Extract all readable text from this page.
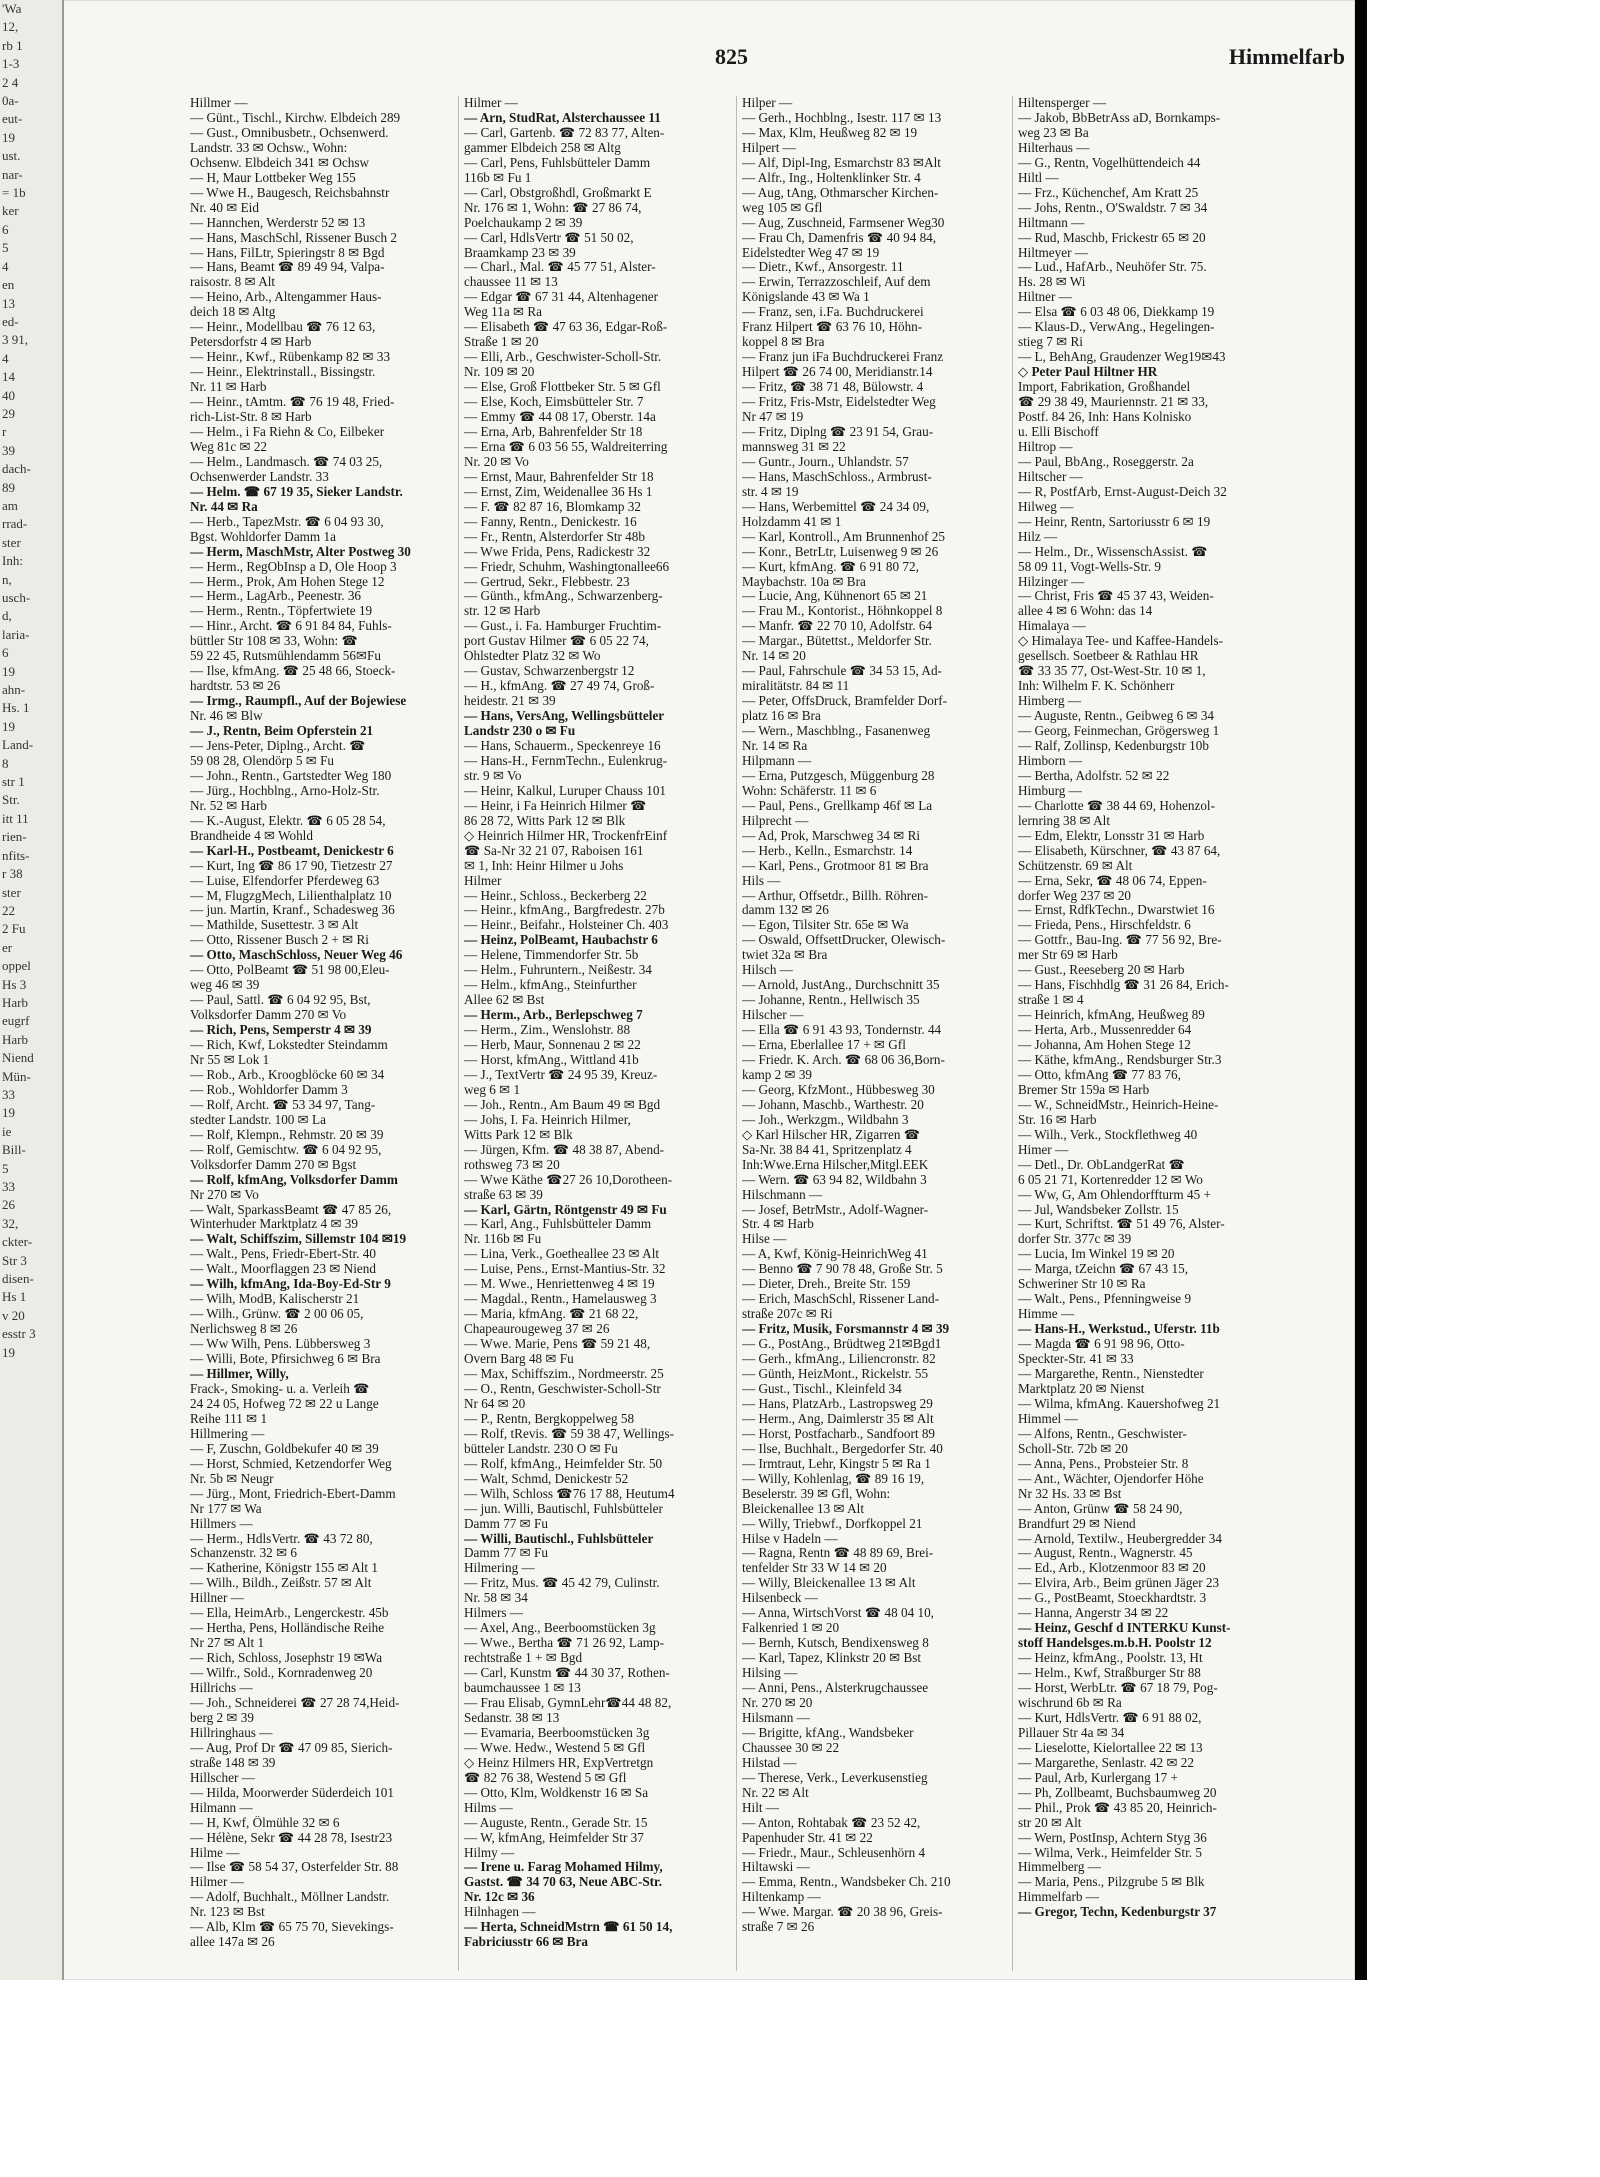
'Wa
12,
rb 1
1-3
2 4
0a-
eut-
19
ust.
nar-
= 1b
ker
6
5
4
en
13
ed-
3 91,
4
14
40
29
r
39
dach-
89
am
rrad-
ster
Inh:
n,
usch-
d,
laria-
6
19
ahn-
Hs. 1
19
Land-
8
str 1
Str.
itt 11
rien-
nfits-
r 38
ster
22
2 Fu
er
oppel
Hs 3
Harb
eugrf
Harb
Niend
Mün-
33
19
ie
Bill-
5
33
26
32,
ckter-
Str 3
disen-
Hs 1
v 20
esstr 3
19
825	Himmelfarb
Hillmer —
— Günt., Tischl., Kirchw. Elbdeich 289
— Gust., Omnibusbetr., Ochsenwerd.
Landstr. 33 ✉ Ochsw., Wohn:
Ochsenw. Elbdeich 341 ✉ Ochsw
— H, Maur Lottbeker Weg 155
— Wwe H., Baugesch, Reichsbahnstr
Nr. 40 ✉ Eid
— Hannchen, Werderstr 52 ✉ 13
— Hans, MaschSchl, Rissener Busch 2
— Hans, FilLtr, Spieringstr 8 ✉ Bgd
— Hans, Beamt ☎ 89 49 94, Valpa-
raisostr. 8 ✉ Alt
— Heino, Arb., Altengammer Haus-
deich 18 ✉ Altg
— Heinr., Modellbau ☎ 76 12 63,
Petersdorfstr 4 ✉ Harb
— Heinr., Kwf., Rübenkamp 82 ✉ 33
— Heinr., Elektrinstall., Bissingstr.
Nr. 11 ✉ Harb
— Heinr., tAmtm. ☎ 76 19 48, Fried-
rich-List-Str. 8 ✉ Harb
— Helm., i Fa Riehn & Co, Eilbeker
Weg 81c ✉ 22
— Helm., Landmasch. ☎ 74 03 25,
Ochsenwerder Landstr. 33
— Helm. ☎ 67 19 35, Sieker Landstr.
Nr. 44 ✉ Ra
— Herb., TapezMstr. ☎ 6 04 93 30,
Bgst. Wohldorfer Damm 1a
— Herm, MaschMstr, Alter Postweg 30
— Herm., RegObInsp a D, Ole Hoop 3
— Herm., Prok, Am Hohen Stege 12
— Herm., LagArb., Peenestr. 36
— Herm., Rentn., Töpfertwiete 19
— Hinr., Archt. ☎ 6 91 84 84, Fuhls-
büttler Str 108 ✉ 33, Wohn: ☎
59 22 45, Rutsmühlendamm 56✉Fu
— Ilse, kfmAng. ☎ 25 48 66, Stoeck-
hardtstr. 53 ✉ 26
— Irmg., Raumpfl., Auf der Bojewiese
Nr. 46 ✉ Blw
— J., Rentn, Beim Opferstein 21
— Jens-Peter, Diplng., Archt. ☎
59 08 28, Olendörp 5 ✉ Fu
— John., Rentn., Gartstedter Weg 180
— Jürg., Hochblng., Arno-Holz-Str.
Nr. 52 ✉ Harb
— K.-August, Elektr. ☎ 6 05 28 54,
Brandheide 4 ✉ Wohld
— Karl-H., Postbeamt, Denickestr 6
— Kurt, Ing ☎ 86 17 90, Tietzestr 27
— Luise, Elfendorfer Pferdeweg 63
— M, FlugzgMech, Lilienthalplatz 10
— jun. Martin, Kranf., Schadesweg 36
— Mathilde, Susettestr. 3 ✉ Alt
— Otto, Rissener Busch 2 + ✉ Ri
— Otto, MaschSchloss, Neuer Weg 46
— Otto, PolBeamt ☎ 51 98 00,Eleu-
weg 46 ✉ 39
— Paul, Sattl. ☎ 6 04 92 95, Bst,
Volksdorfer Damm 270 ✉ Vo
— Rich, Pens, Semperstr 4 ✉ 39
— Rich, Kwf, Lokstedter Steindamm
Nr 55 ✉ Lok 1
— Rob., Arb., Kroogblöcke 60 ✉ 34
— Rob., Wohldorfer Damm 3
— Rolf, Archt. ☎ 53 34 97, Tang-
stedter Landstr. 100 ✉ La
— Rolf, Klempn., Rehmstr. 20 ✉ 39
— Rolf, Gemischtw. ☎ 6 04 92 95,
Volksdorfer Damm 270 ✉ Bgst
— Rolf, kfmAng, Volksdorfer Damm
Nr 270 ✉ Vo
— Walt, SparkassBeamt ☎ 47 85 26,
Winterhuder Marktplatz 4 ✉ 39
— Walt, Schiffszim, Sillemstr 104 ✉19
— Walt., Pens, Friedr-Ebert-Str. 40
— Walt., Moorflaggen 23 ✉ Niend
— Wilh, kfmAng, Ida-Boy-Ed-Str 9
— Wilh, ModB, Kalischerstr 21
— Wilh., Grünw. ☎ 2 00 06 05,
Nerlichsweg 8 ✉ 26
— Ww Wilh, Pens. Lübbersweg 3
— Willi, Bote, Pfirsichweg 6 ✉ Bra
— Hillmer, Willy,
Frack-, Smoking- u. a. Verleih ☎
24 24 05, Hofweg 72 ✉ 22 u Lange
Reihe 111 ✉ 1
Hillmering —
— F, Zuschn, Goldbekufer 40 ✉ 39
— Horst, Schmied, Ketzendorfer Weg
Nr. 5b ✉ Neugr
— Jürg., Mont, Friedrich-Ebert-Damm
Nr 177 ✉ Wa
Hillmers —
— Herm., HdlsVertr. ☎ 43 72 80,
Schanzenstr. 32 ✉ 6
— Katherine, Königstr 155 ✉ Alt 1
— Wilh., Bildh., Zeißstr. 57 ✉ Alt
Hillner —
— Ella, HeimArb., Lengerckestr. 45b
— Hertha, Pens, Holländische Reihe
Nr 27 ✉ Alt 1
— Rich, Schloss, Josephstr 19 ✉Wa
— Wilfr., Sold., Kornradenweg 20
Hillrichs —
— Joh., Schneiderei ☎ 27 28 74,Heid-
berg 2 ✉ 39
Hillringhaus —
— Aug, Prof Dr ☎ 47 09 85, Sierich-
straße 148 ✉ 39
Hillscher —
— Hilda, Moorwerder Süderdeich 101
Hilmann —
— H, Kwf, Ölmühle 32 ✉ 6
— Hélène, Sekr ☎ 44 28 78, Isestr23
Hilme —
— Ilse ☎ 58 54 37, Osterfelder Str. 88
Hilmer —
— Adolf, Buchhalt., Möllner Landstr.
Nr. 123 ✉ Bst
— Alb, Klm ☎ 65 75 70, Sievekings-
allee 147a ✉ 26
Hilmer —
— Arn, StudRat, Alsterchaussee 11
— Carl, Gartenb. ☎ 72 83 77, Alten-
gammer Elbdeich 258 ✉ Altg
— Carl, Pens, Fuhlsbütteler Damm
116b ✉ Fu 1
— Carl, Obstgroßhdl, Großmarkt E
Nr. 176 ✉ 1, Wohn: ☎ 27 86 74,
Poelchaukamp 2 ✉ 39
— Carl, HdlsVertr ☎ 51 50 02,
Braamkamp 23 ✉ 39
— Charl., Mal. ☎ 45 77 51, Alster-
chaussee 11 ✉ 13
— Edgar ☎ 67 31 44, Altenhagener
Weg 11a ✉ Ra
— Elisabeth ☎ 47 63 36, Edgar-Roß-
Straße 1 ✉ 20
— Elli, Arb., Geschwister-Scholl-Str.
Nr. 109 ✉ 20
— Else, Groß Flottbeker Str. 5 ✉ Gfl
— Else, Koch, Eimsbütteler Str. 7
— Emmy ☎ 44 08 17, Oberstr. 14a
— Erna, Arb, Bahrenfelder Str 18
— Erna ☎ 6 03 56 55, Waldreiterring
Nr. 20 ✉ Vo
— Ernst, Maur, Bahrenfelder Str 18
— Ernst, Zim, Weidenallee 36 Hs 1
— F. ☎ 82 87 16, Blomkamp 32
— Fanny, Rentn., Denickestr. 16
— Fr., Rentn, Alsterdorfer Str 48b
— Wwe Frida, Pens, Radickestr 32
— Friedr, Schuhm, Washingtonallee66
— Gertrud, Sekr., Flebbestr. 23
— Günth., kfmAng., Schwarzenberg-
str. 12 ✉ Harb
— Gust., i. Fa. Hamburger Fruchtim-
port Gustav Hilmer ☎ 6 05 22 74,
Ohlstedter Platz 32 ✉ Wo
— Gustav, Schwarzenbergstr 12
— H., kfmAng. ☎ 27 49 74, Groß-
heidestr. 21 ✉ 39
— Hans, VersAng, Wellingsbütteler
Landstr 230 o ✉ Fu
— Hans, Schauerm., Speckenreye 16
— Hans-H., FernmTechn., Eulenkrug-
str. 9 ✉ Vo
— Heinr, Kalkul, Luruper Chauss 101
— Heinr, i Fa Heinrich Hilmer ☎
86 28 72, Witts Park 12 ✉ Blk
◇ Heinrich Hilmer HR, TrockenfrEinf
☎ Sa-Nr 32 21 07, Raboisen 161
✉ 1, Inh: Heinr Hilmer u Johs
Hilmer
— Heinr., Schloss., Beckerberg 22
— Heinr., kfmAng., Bargfredestr. 27b
— Heinr., Beifahr., Holsteiner Ch. 403
— Heinz, PolBeamt, Haubachstr 6
— Helene, Timmendorfer Str. 5b
— Helm., Fuhruntern., Neißestr. 34
— Helm., kfmAng., Steinfurther
Allee 62 ✉ Bst
— Herm., Arb., Berlepschweg 7
— Herm., Zim., Wenslohstr. 88
— Herb, Maur, Sonnenau 2 ✉ 22
— Horst, kfmAng., Wittland 41b
— J., TextVertr ☎ 24 95 39, Kreuz-
weg 6 ✉ 1
— Joh., Rentn., Am Baum 49 ✉ Bgd
— Johs, I. Fa. Heinrich Hilmer,
Witts Park 12 ✉ Blk
— Jürgen, Kfm. ☎ 48 38 87, Abend-
rothsweg 73 ✉ 20
— Wwe Käthe ☎27 26 10,Dorotheen-
straße 63 ✉ 39
— Karl, Gärtn, Röntgenstr 49 ✉ Fu
— Karl, Ang., Fuhlsbütteler Damm
Nr. 116b ✉ Fu
— Lina, Verk., Goetheallee 23 ✉ Alt
— Luise, Pens., Ernst-Mantius-Str. 32
— M. Wwe., Henriettenweg 4 ✉ 19
— Magdal., Rentn., Hamelausweg 3
— Maria, kfmAng. ☎ 21 68 22,
Chapeaurougeweg 37 ✉ 26
— Wwe. Marie, Pens ☎ 59 21 48,
Overn Barg 48 ✉ Fu
— Max, Schiffszim., Nordmeerstr. 25
— O., Rentn, Geschwister-Scholl-Str
Nr 64 ✉ 20
— P., Rentn, Bergkoppelweg 58
— Rolf, tRevis. ☎ 59 38 47, Wellings-
bütteler Landstr. 230 O ✉ Fu
— Rolf, kfmAng., Heimfelder Str. 50
— Walt, Schmd, Denickestr 52
— Wilh, Schloss ☎76 17 88, Heutum4
— jun. Willi, Bautischl, Fuhlsbütteler
Damm 77 ✉ Fu
— Willi, Bautischl., Fuhlsbütteler
Damm 77 ✉ Fu
Hilmering —
— Fritz, Mus. ☎ 45 42 79, Culinstr.
Nr. 58 ✉ 34
Hilmers —
— Axel, Ang., Beerboomstücken 3g
— Wwe., Bertha ☎ 71 26 92, Lamp-
rechtstraße 1 + ✉ Bgd
— Carl, Kunstm ☎ 44 30 37, Rothen-
baumchaussee 1 ✉ 13
— Frau Elisab, GymnLehr☎44 48 82,
Sedanstr. 38 ✉ 13
— Evamaria, Beerboomstücken 3g
— Wwe. Hedw., Westend 5 ✉ Gfl
◇ Heinz Hilmers HR, ExpVertretgn
☎ 82 76 38, Westend 5 ✉ Gfl
— Otto, Klm, Woldkenstr 16 ✉ Sa
Hilms —
— Auguste, Rentn., Gerade Str. 15
— W, kfmAng, Heimfelder Str 37
Hilmy —
— Irene u. Farag Mohamed Hilmy,
Gastst. ☎ 34 70 63, Neue ABC-Str.
Nr. 12c ✉ 36
Hilnhagen —
— Herta, SchneidMstrn ☎ 61 50 14,
Fabriciusstr 66 ✉ Bra
Hilper —
— Gerh., Hochblng., Isestr. 117 ✉ 13
— Max, Klm, Heußweg 82 ✉ 19
Hilpert —
— Alf, Dipl-Ing, Esmarchstr 83 ✉Alt
— Alfr., Ing., Holtenklinker Str. 4
— Aug, tAng, Othmarscher Kirchen-
weg 105 ✉ Gfl
— Aug, Zuschneid, Farmsener Weg30
— Frau Ch, Damenfris ☎ 40 94 84,
Eidelstedter Weg 47 ✉ 19
— Dietr., Kwf., Ansorgestr. 11
— Erwin, Terrazzoschleif, Auf dem
Königslande 43 ✉ Wa 1
— Franz, sen, i.Fa. Buchdruckerei
Franz Hilpert ☎ 63 76 10, Höhn-
koppel 8 ✉ Bra
— Franz jun iFa Buchdruckerei Franz
Hilpert ☎ 26 74 00, Meridianstr.14
— Fritz, ☎ 38 71 48, Bülowstr. 4
— Fritz, Fris-Mstr, Eidelstedter Weg
Nr 47 ✉ 19
— Fritz, Diplng ☎ 23 91 54, Grau-
mannsweg 31 ✉ 22
— Guntr., Journ., Uhlandstr. 57
— Hans, MaschSchloss., Armbrust-
str. 4 ✉ 19
— Hans, Werbemittel ☎ 24 34 09,
Holzdamm 41 ✉ 1
— Karl, Kontroll., Am Brunnenhof 25
— Konr., BetrLtr, Luisenweg 9 ✉ 26
— Kurt, kfmAng. ☎ 6 91 80 72,
Maybachstr. 10a ✉ Bra
— Lucie, Ang, Kühnenort 65 ✉ 21
— Frau M., Kontorist., Höhnkoppel 8
— Manfr. ☎ 22 70 10, Adolfstr. 64
— Margar., Bütettst., Meldorfer Str.
Nr. 14 ✉ 20
— Paul, Fahrschule ☎ 34 53 15, Ad-
miralitätstr. 84 ✉ 11
— Peter, OffsDruck, Bramfelder Dorf-
platz 16 ✉ Bra
— Wern., Maschblng., Fasanenweg
Nr. 14 ✉ Ra
Hilpmann —
— Erna, Putzgesch, Müggenburg 28
Wohn: Schäferstr. 11 ✉ 6
— Paul, Pens., Grellkamp 46f ✉ La
Hilprecht —
— Ad, Prok, Marschweg 34 ✉ Ri
— Herb., Kelln., Esmarchstr. 14
— Karl, Pens., Grotmoor 81 ✉ Bra
Hils —
— Arthur, Offsetdr., Billh. Röhren-
damm 132 ✉ 26
— Egon, Tilsiter Str. 65e ✉ Wa
— Oswald, OffsettDrucker, Olewisch-
twiet 32a ✉ Bra
Hilsch —
— Arnold, JustAng., Durchschnitt 35
— Johanne, Rentn., Hellwisch 35
Hilscher —
— Ella ☎ 6 91 43 93, Tondernstr. 44
— Erna, Eberlallee 17 + ✉ Gfl
— Friedr. K. Arch. ☎ 68 06 36,Born-
kamp 2 ✉ 39
— Georg, KfzMont., Hübbesweg 30
— Johann, Maschb., Warthestr. 20
— Joh., Werkzgm., Wildbahn 3
◇ Karl Hilscher HR, Zigarren ☎
Sa-Nr. 38 84 41, Spritzenplatz 4
Inh:Wwe.Erna Hilscher,Mitgl.EEK
— Wern. ☎ 63 94 82, Wildbahn 3
Hilschmann —
— Josef, BetrMstr., Adolf-Wagner-
Str. 4 ✉ Harb
Hilse —
— A, Kwf, König-HeinrichWeg 41
— Benno ☎ 7 90 78 48, Große Str. 5
— Dieter, Dreh., Breite Str. 159
— Erich, MaschSchl, Rissener Land-
straße 207c ✉ Ri
— Fritz, Musik, Forsmannstr 4 ✉ 39
— G., PostAng., Brüdtweg 21✉Bgd1
— Gerh., kfmAng., Liliencronstr. 82
— Günth, HeizMont., Rickelstr. 55
— Gust., Tischl., Kleinfeld 34
— Hans, PlatzArb., Lastropsweg 29
— Herm., Ang, Daimlerstr 35 ✉ Alt
— Horst, Postfacharb., Sandfoort 89
— Ilse, Buchhalt., Bergedorfer Str. 40
— Irmtraut, Lehr, Kingstr 5 ✉ Ra 1
— Willy, Kohlenlag, ☎ 89 16 19,
Beselerstr. 39 ✉ Gfl, Wohn:
Bleickenallee 13 ✉ Alt
— Willy, Triebwf., Dorfkoppel 21
Hilse v Hadeln —
— Ragna, Rentn ☎ 48 89 69, Brei-
tenfelder Str 33 W 14 ✉ 20
— Willy, Bleickenallee 13 ✉ Alt
Hilsenbeck —
— Anna, WirtschVorst ☎ 48 04 10,
Falkenried 1 ✉ 20
— Bernh, Kutsch, Bendixensweg 8
— Karl, Tapez, Klinkstr 20 ✉ Bst
Hilsing —
— Anni, Pens., Alsterkrugchaussee
Nr. 270 ✉ 20
Hilsmann —
— Brigitte, kfAng., Wandsbeker
Chaussee 30 ✉ 22
Hilstad —
— Therese, Verk., Leverkusenstieg
Nr. 22 ✉ Alt
Hilt —
— Anton, Rohtabak ☎ 23 52 42,
Papenhuder Str. 41 ✉ 22
— Friedr., Maur., Schleusenhörn 4
Hiltawski —
— Emma, Rentn., Wandsbeker Ch. 210
Hiltenkamp —
— Wwe. Margar. ☎ 20 38 96, Greis-
straße 7 ✉ 26
Hiltensperger —
— Jakob, BbBetrAss aD, Bornkamps-
weg 23 ✉ Ba
Hilterhaus —
— G., Rentn, Vogelhüttendeich 44
Hiltl —
— Frz., Küchenchef, Am Kratt 25
— Johs, Rentn., O'Swaldstr. 7 ✉ 34
Hiltmann —
— Rud, Maschb, Frickestr 65 ✉ 20
Hiltmeyer —
— Lud., HafArb., Neuhöfer Str. 75.
Hs. 28 ✉ Wi
Hiltner —
— Elsa ☎ 6 03 48 06, Diekkamp 19
— Klaus-D., VerwAng., Hegelingen-
stieg 7 ✉ Ri
— L, BehAng, Graudenzer Weg19✉43
◇ Peter Paul Hiltner HR
Import, Fabrikation, Großhandel
☎ 29 38 49, Mauriennstr. 21 ✉ 33,
Postf. 84 26, Inh: Hans Kolnisko
u. Elli Bischoff
Hiltrop —
— Paul, BbAng., Roseggerstr. 2a
Hiltscher —
— R, PostfArb, Ernst-August-Deich 32
Hilweg —
— Heinr, Rentn, Sartoriusstr 6 ✉ 19
Hilz —
— Helm., Dr., WissenschAssist. ☎
58 09 11, Vogt-Wells-Str. 9
Hilzinger —
— Christ, Fris ☎ 45 37 43, Weiden-
allee 4 ✉ 6 Wohn: das 14
Himalaya —
◇ Himalaya Tee- und Kaffee-Handels-
gesellsch. Soetbeer & Rathlau HR
☎ 33 35 77, Ost-West-Str. 10 ✉ 1,
Inh: Wilhelm F. K. Schönherr
Himberg —
— Auguste, Rentn., Geibweg 6 ✉ 34
— Georg, Feinmechan, Grögersweg 1
— Ralf, Zollinsp, Kedenburgstr 10b
Himborn —
— Bertha, Adolfstr. 52 ✉ 22
Himburg —
— Charlotte ☎ 38 44 69, Hohenzol-
lernring 38 ✉ Alt
— Edm, Elektr, Lonsstr 31 ✉ Harb
— Elisabeth, Kürschner, ☎ 43 87 64,
Schützenstr. 69 ✉ Alt
— Erna, Sekr, ☎ 48 06 74, Eppen-
dorfer Weg 237 ✉ 20
— Ernst, RdfkTechn., Dwarstwiet 16
— Frieda, Pens., Hirschfeldstr. 6
— Gottfr., Bau-Ing. ☎ 77 56 92, Bre-
mer Str 69 ✉ Harb
— Gust., Reeseberg 20 ✉ Harb
— Hans, Fischhdlg ☎ 31 26 84, Erich-
straße 1 ✉ 4
— Heinrich, kfmAng, Heußweg 89
— Herta, Arb., Mussenredder 64
— Johanna, Am Hohen Stege 12
— Käthe, kfmAng., Rendsburger Str.3
— Otto, kfmAng ☎ 77 83 76,
Bremer Str 159a ✉ Harb
— W., SchneidMstr., Heinrich-Heine-
Str. 16 ✉ Harb
— Wilh., Verk., Stockflethweg 40
Himer —
— Detl., Dr. ObLandgerRat ☎
6 05 21 71, Kortenredder 12 ✉ Wo
— Ww, G, Am Ohlendorffturm 45 +
— Jul, Wandsbeker Zollstr. 15
— Kurt, Schriftst. ☎ 51 49 76, Alster-
dorfer Str. 377c ✉ 39
— Lucia, Im Winkel 19 ✉ 20
— Marga, tZeichn ☎ 67 43 15,
Schweriner Str 10 ✉ Ra
— Walt., Pens., Pfenningweise 9
Himme —
— Hans-H., Werkstud., Uferstr. 11b
— Magda ☎ 6 91 98 96, Otto-
Speckter-Str. 41 ✉ 33
— Margarethe, Rentn., Nienstedter
Marktplatz 20 ✉ Nienst
— Wilma, kfmAng. Kauershofweg 21
Himmel —
— Alfons, Rentn., Geschwister-
Scholl-Str. 72b ✉ 20
— Anna, Pens., Probsteier Str. 8
— Ant., Wächter, Ojendorfer Höhe
Nr 32 Hs. 33 ✉ Bst
— Anton, Grünw ☎ 58 24 90,
Brandfurt 29 ✉ Niend
— Arnold, Textilw., Heubergredder 34
— August, Rentn., Wagnerstr. 45
— Ed., Arb., Klotzenmoor 83 ✉ 20
— Elvira, Arb., Beim grünen Jäger 23
— G., PostBeamt, Stoeckhardtstr. 3
— Hanna, Angerstr 34 ✉ 22
— Heinz, Geschf d INTERKU Kunst-
stoff Handelsges.m.b.H. Poolstr 12
— Heinz, kfmAng., Poolstr. 13, Ht
— Helm., Kwf, Straßburger Str 88
— Horst, WerbLtr. ☎ 67 18 79, Pog-
wischrund 6b ✉ Ra
— Kurt, HdlsVertr. ☎ 6 91 88 02,
Pillauer Str 4a ✉ 34
— Lieselotte, Kielortallee 22 ✉ 13
— Margarethe, Senlastr. 42 ✉ 22
— Paul, Arb, Kurlergang 17 +
— Ph, Zollbeamt, Buchsbaumweg 20
— Phil., Prok ☎ 43 85 20, Heinrich-
str 20 ✉ Alt
— Wern, PostInsp, Achtern Styg 36
— Wilma, Verk., Heimfelder Str. 5
Himmelberg —
— Maria, Pens., Pilzgrube 5 ✉ Blk
Himmelfarb —
— Gregor, Techn, Kedenburgstr 37
